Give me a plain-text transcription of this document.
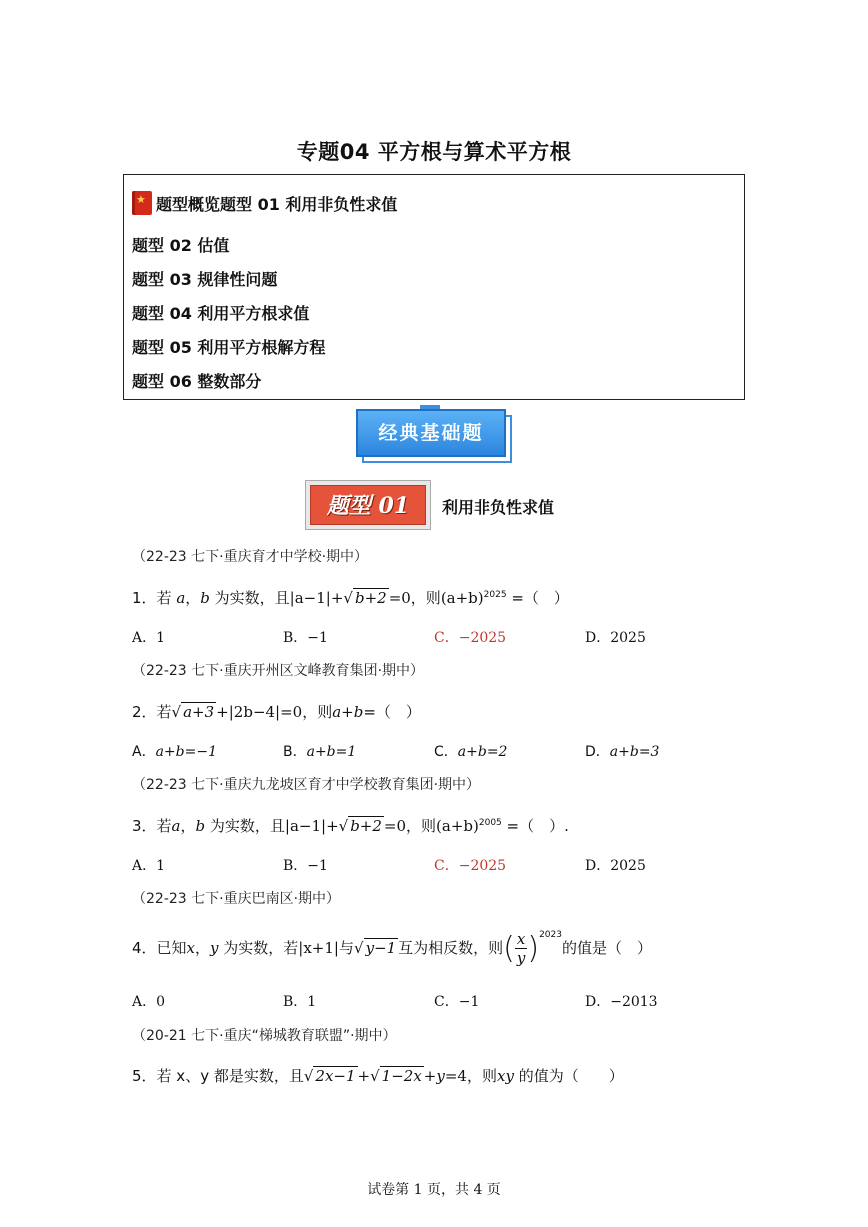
专题04 平方根与算术平方根
★ 题型概览题型 01 利用非负性求值
题型 02 估值
题型 03 规律性问题
题型 04 利用平方根求值
题型 05 利用平方根解方程
题型 06 整数部分
经典基础题
题型 01	利用非负性求值
（22-23 七下·重庆育才中学校·期中）
1．若 a，b 为实数，且|a−1|+√ b+2 =0，则$(a+b)^{2025}$ =（　）
A．1	B．−1	C．−2025	D．2025
（22-23 七下·重庆开州区文峰教育集团·期中）
2．若√ a+3 +|2b−4|=0，则a+b=（　）
A．a+b=−1	B．a+b=1	C．a+b=2	D．a+b=3
（22-23 七下·重庆九龙坡区育才中学校教育集团·期中）
3．若a，b 为实数，且|a−1|+√ b+2 =0，则$(a+b)^{2005}$ =（　）.
A．1	B．−1	C．−2025	D．2025
（22-23 七下·重庆巴南区·期中）
4．已知x，y 为实数，若|x+1|与√ y−1 互为相反数，则( $\frac{x}{y} )^{2023}$的值是（　）
A．0	B．1	C．−1	D．−2013
（20-21 七下·重庆“梯城教育联盟”·期中）
5．若 x、y 都是实数，且√ 2x−1 +√ 1−2x +y=4，则xy 的值为（　　）
试卷第 1 页，共 4 页
